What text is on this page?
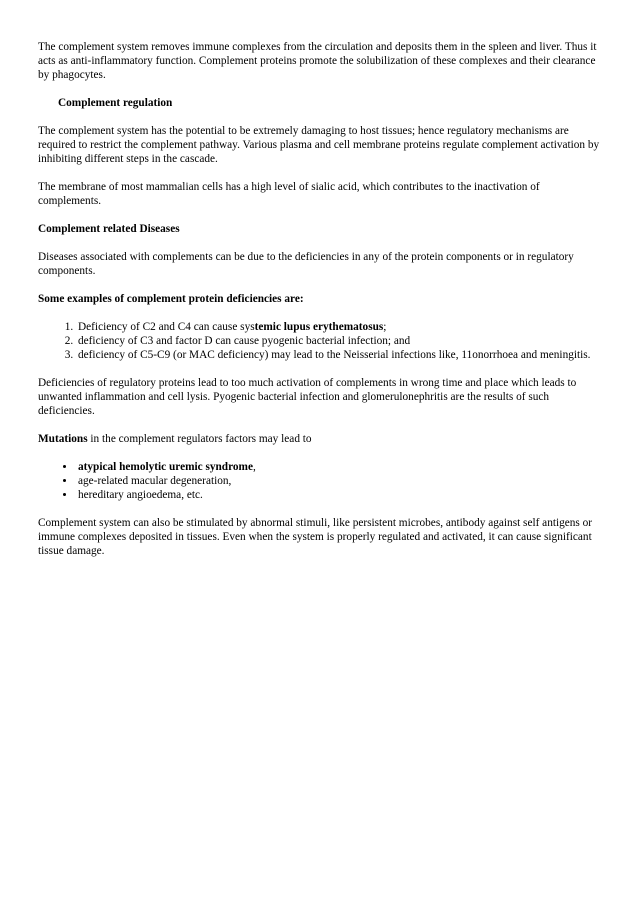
The complement system removes immune complexes from the circulation and deposits them in the spleen and liver. Thus it acts as anti-inflammatory function. Complement proteins promote the solubilization of these complexes and their clearance by phagocytes.

Complement regulation

The complement system has the potential to be extremely damaging to host tissues; hence regulatory mechanisms are required to restrict the complement pathway. Various plasma and cell membrane proteins regulate complement activation by inhibiting different steps in the cascade.

The membrane of most mammalian cells has a high level of sialic acid, which contributes to the inactivation of complements.

Complement related Diseases

Diseases associated with complements can be due to the deficiencies in any of the protein components or in regulatory components.

Some examples of complement protein deficiencies are:

1. Deficiency of C2 and C4 can cause systemic lupus erythematosus;
2. deficiency of C3 and factor D can cause pyogenic bacterial infection; and
3. deficiency of C5-C9 (or MAC deficiency) may lead to the Neisserial infections like, 11onorrhoea and meningitis.

Deficiencies of regulatory proteins lead to too much activation of complements in wrong time and place which leads to unwanted inflammation and cell lysis. Pyogenic bacterial infection and glomerulonephritis are the results of such deficiencies.

Mutations in the complement regulators factors may lead to

• atypical hemolytic uremic syndrome,
• age-related macular degeneration,
• hereditary angioedema, etc.

Complement system can also be stimulated by abnormal stimuli, like persistent microbes, antibody against self antigens or immune complexes deposited in tissues. Even when the system is properly regulated and activated, it can cause significant tissue damage.
